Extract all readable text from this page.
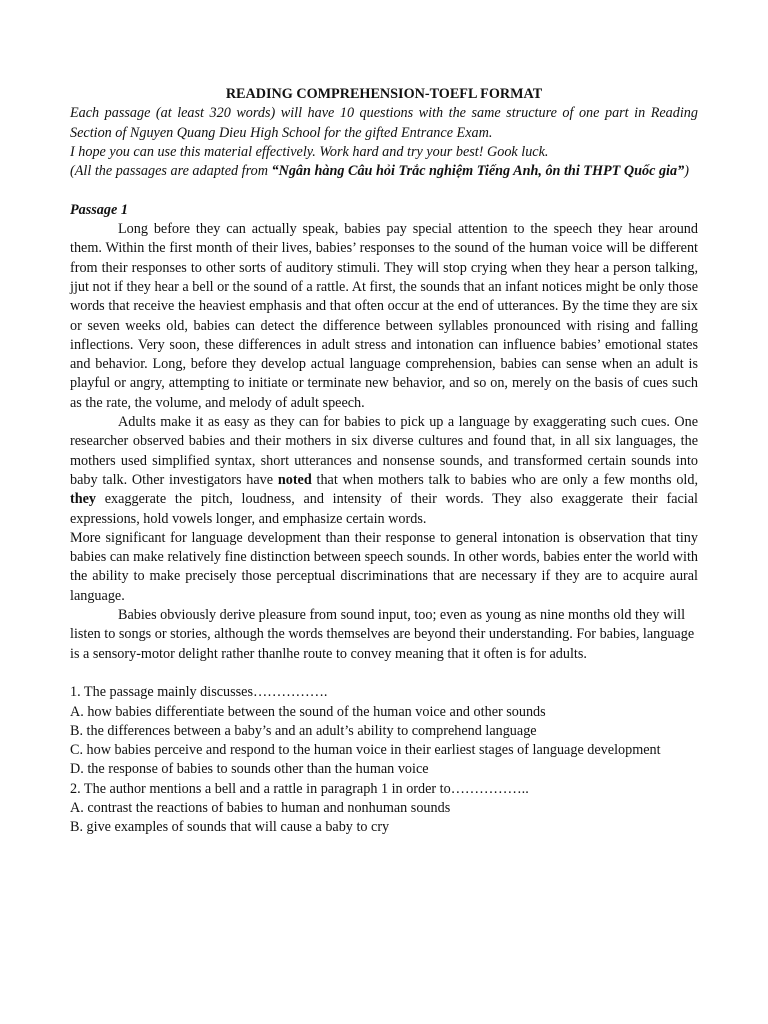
READING COMPREHENSION-TOEFL FORMAT

Each passage (at least 320 words) will have 10 questions with the same structure of one part in Reading Section of Nguyen Quang Dieu High School for the gifted Entrance Exam.

I hope you can use this material effectively. Work hard and try your best! Gook luck.

(All the passages are adapted from “Ngân hàng Câu hỏi Trắc nghiệm Tiếng Anh, ôn thi THPT Quốc gia”)

Passage 1

Long before they can actually speak, babies pay special attention to the speech they hear around them. Within the first month of their lives, babies’ responses to the sound of the human voice will be different from their responses to other sorts of auditory stimuli. They will stop crying when they hear a person talking, jjut not if they hear a bell or the sound of a rattle. At first, the sounds that an infant notices might be only those words that receive the heaviest emphasis and that often occur at the end of utterances. By the time they are six or seven weeks old, babies can detect the difference between syllables pronounced with rising and falling inflections. Very soon, these differences in adult stress and intonation can influence babies’ emotional states and behavior. Long, before they develop actual language comprehension, babies can sense when an adult is playful or angry, attempting to initiate or terminate new behavior, and so on, merely on the basis of cues such as the rate, the volume, and melody of adult speech.

Adults make it as easy as they can for babies to pick up a language by exaggerating such cues. One researcher observed babies and their mothers in six diverse cultures and found that, in all six languages, the mothers used simplified syntax, short utterances and nonsense sounds, and transformed certain sounds into baby talk. Other investigators have noted that when mothers talk to babies who are only a few months old, they exaggerate the pitch, loudness, and intensity of their words. They also exaggerate their facial expressions, hold vowels longer, and emphasize certain words.

More significant for language development than their response to general intonation is observation that tiny babies can make relatively fine distinction between speech sounds. In other words, babies enter the world with the ability to make precisely those perceptual discriminations that are necessary if they are to acquire aural language.

Babies obviously derive pleasure from sound input, too; even as young as nine months old they will listen to songs or stories, although the words themselves are beyond their understanding. For babies, language is a sensory-motor delight rather thanlhe route to convey meaning that it often is for adults.

1. The passage mainly discusses…………….
A. how babies differentiate between the sound of the human voice and other sounds
B. the differences between a baby’s and an adult’s ability to comprehend language
C. how babies perceive and respond to the human voice in their earliest stages of language development
D. the response of babies to sounds other than the human voice
2. The author mentions a bell and a rattle in paragraph 1 in order to……………..
A. contrast the reactions of babies to human and nonhuman sounds
B. give examples of sounds that will cause a baby to cry
